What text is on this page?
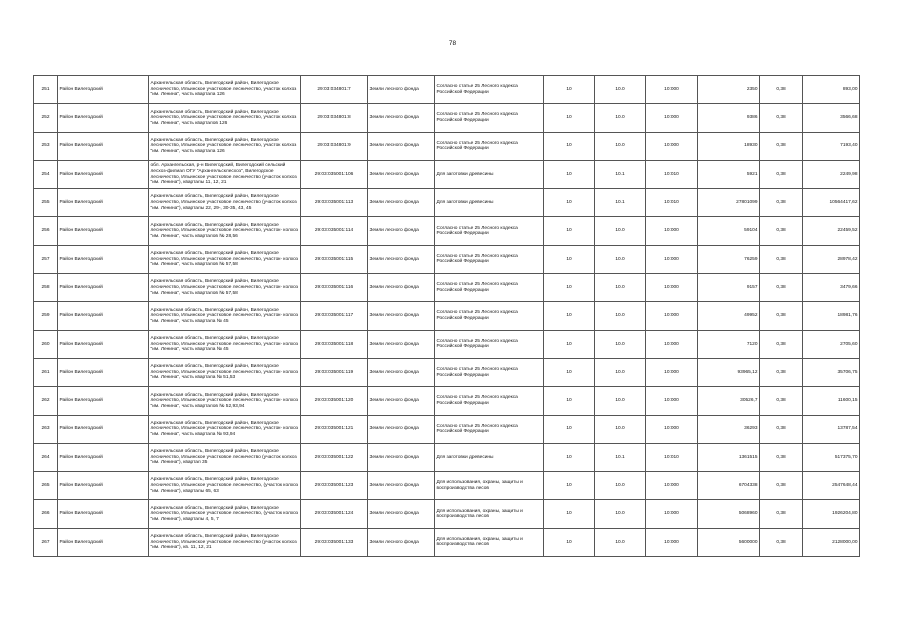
78
251	Район Вилегодский	Архангельская область, Вилегодский район, Вилегодское лесничество, Ильинское участковое лесничество, участок колхоз "им. Ленина", часть квартала 126	29:03:034801:7	Земли лесного фонда	Согласно статье 25 Лесного кодекса Российской Федерации	10	10.0	10:000	2350	0,38	893,00
252	Район Вилегодский	Архангельская область, Вилегодский район, Вилегодское лесничество, Ильинское участковое лесничество, участок колхоз "им. Ленина", часть кварталов 126	29:03:034801:8	Земли лесного фонда	Согласно статье 25 Лесного кодекса Российской Федерации	10	10.0	10:000	9386	0,38	3566,68
253	Район Вилегодский	Архангельская область, Вилегодский район, Вилегодское лесничество, Ильинское участковое лесничество, участок колхоз "им. Ленина", часть квартала 126	29:03:034801:9	Земли лесного фонда	Согласно статье 25 Лесного кодекса Российской Федерации	10	10.0	10:000	18930	0,38	7193,40
254	Район Вилегодский	обл. Архангельская, р-н Вилегодский, Вилегодский сельский лесхоз-филиал ОГУ "Архангельсклесхоз", Вилегодское лесничество, Ильинское участковое лесничество (участок колхоз "им. Ленина"), кварталы 11, 12, 21	29:03:035001:106	Земли лесного фонда	Для заготовки древесины	10	10.1	10:010	5921	0,38	2249,98
255	Район Вилегодский	Архангельская область, Вилегодский район, Вилегодское лесничество, Ильинское участковое лесничество (участок колхоз "им. Ленина"), кварталы 22, 29-, 30-35, 43, 45	29:03:035001:113	Земли лесного фонда	Для заготовки древесины	10	10.1	10:010	27801099	0,38	10564417,62
256	Район Вилегодский	Архангельская область, Вилегодский район, Вилегодское лесничество, Ильинское участковое лесничество, участок- колхоз "им. Ленина", часть кварталов № 28,56	29:03:035001:114	Земли лесного фонда	Согласно статье 25 Лесного кодекса Российской Федерации	10	10.0	10:000	59104	0,38	22459,52
257	Район Вилегодский	Архангельская область, Вилегодский район, Вилегодское лесничество, Ильинское участковое лесничество, участок- колхоз "им. Ленина", часть кварталов № 57,58	29:03:035001:115	Земли лесного фонда	Согласно статье 25 Лесного кодекса Российской Федерации	10	10.0	10:000	76259	0,38	28978,42
258	Район Вилегодский	Архангельская область, Вилегодский район, Вилегодское лесничество, Ильинское участковое лесничество, участок- колхоз "им. Ленина", часть кварталов № 57,58	29:03:035001:116	Земли лесного фонда	Согласно статье 25 Лесного кодекса Российской Федерации	10	10.0	10:000	9157	0,38	3479,66
259	Район Вилегодский	Архангельская область, Вилегодский район, Вилегодское лесничество, Ильинское участковое лесничество, участок- колхоз "им. Ленина", часть квартала № 45	29:03:035001:117	Земли лесного фонда	Согласно статье 25 Лесного кодекса Российской Федерации	10	10.0	10:000	49952	0,38	18981,76
260	Район Вилегодский	Архангельская область, Вилегодский район, Вилегодское лесничество, Ильинское участковое лесничество, участок- колхоз "им. Ленина", часть квартала № 45	29:03:035001:118	Земли лесного фонда	Согласно статье 25 Лесного кодекса Российской Федерации	10	10.0	10:000	7120	0,38	2705,60
261	Район Вилегодский	Архангельская область, Вилегодский район, Вилегодское лесничество, Ильинское участковое лесничество, участок- колхоз "им. Ленина", часть квартала № 51,53	29:03:035001:119	Земли лесного фонда	Согласно статье 25 Лесного кодекса Российской Федерации	10	10.0	10:000	93965,12	0,38	35706,75
262	Район Вилегодский	Архангельская область, Вилегодский район, Вилегодское лесничество, Ильинское участковое лесничество, участок- колхоз "им. Ленина", часть кварталов № 52,93,94	29:03:035001:120	Земли лесного фонда	Согласно статье 25 Лесного кодекса Российской Федерации	10	10.0	10:000	30526,7	0,38	11600,15
263	Район Вилегодский	Архангельская область, Вилегодский район, Вилегодское лесничество, Ильинское участковое лесничество, участок- колхоз "им. Ленина", часть квартала № 93,94	29:03:035001:121	Земли лесного фонда	Согласно статье 25 Лесного кодекса Российской Федерации	10	10.0	10:000	36293	0,38	13787,54
264	Район Вилегодский	Архангельская область, Вилегодский район, Вилегодское лесничество, Ильинское участковое лесничество (участок колхоз "им. Ленина"), квартал 35	29:03:035001:122	Земли лесного фонда	Для заготовки древесины	10	10.1	10:010	1361515	0,38	517375,70
265	Район Вилегодский	Архангельская область, Вилегодский район, Вилегодское лесничество, Ильинское участковое лесничество, (участок колхоз "им. Ленина"), кварталы 65, 63	29:03:035001:123	Земли лесного фонда	Для использования, охраны, защиты и воспроизводства лесов	10	10.0	10:000	6704338	0,38	2547648,44
266	Район Вилегодский	Архангельская область, Вилегодский район, Вилегодское лесничество, Ильинское участковое лесничество, (участок колхоз "им. Ленина"), кварталы 4, 5, 7	29:03:035001:124	Земли лесного фонда	Для использования, охраны, защиты и воспроизводства лесов	10	10.0	10:000	5068960	0,38	1926204,80
267	Район Вилегодский	Архангельская область, Вилегодский район, Вилегодское лесничество, Ильинское участковое лесничество (участок колхоз "им. Ленина"), кв. 11, 12, 21	29:03:035001:133	Земли лесного фонда	Для использования, охраны, защиты и воспроизводства лесов	10	10.0	10:000	5600000	0,38	2128000,00
